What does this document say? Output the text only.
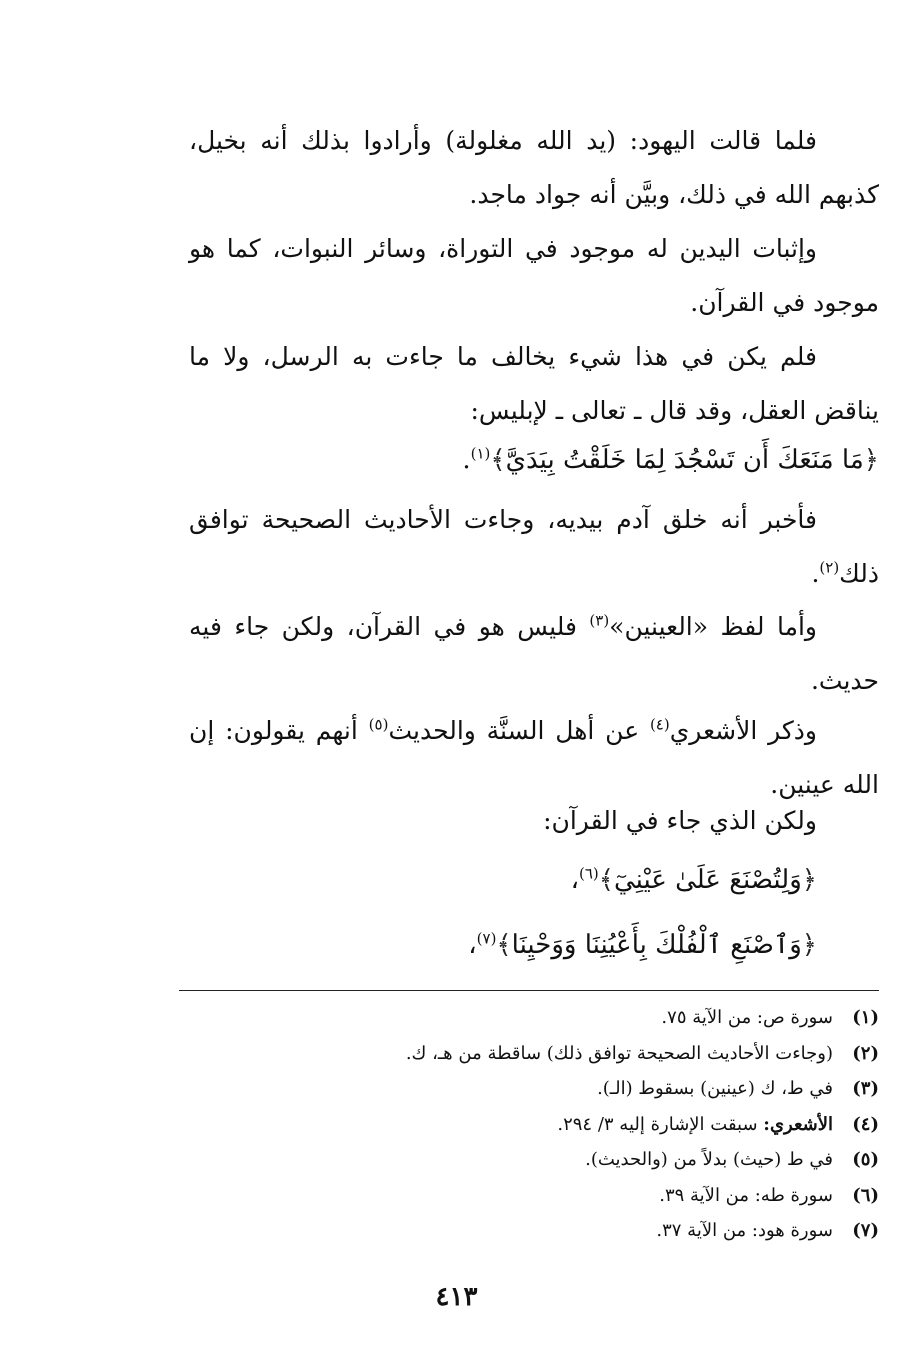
فلما قالت اليهود: (يد الله مغلولة) وأرادوا بذلك أنه بخيل، كذبهم الله في ذلك، وبيَّن أنه جواد ماجد.

وإثبات اليدين له موجود في التوراة، وسائر النبوات، كما هو موجود في القرآن.

فلم يكن في هذا شيء يخالف ما جاءت به الرسل، ولا ما يناقض العقل، وقد قال ـ تعالى ـ لإبليس:

﴿مَا مَنَعَكَ أَن تَسْجُدَ لِمَا خَلَقْتُ بِيَدَيَّ﴾$^{(١)}$.

فأخبر أنه خلق آدم بيديه، وجاءت الأحاديث الصحيحة توافق ذلك$^{(٢)}$.

وأما لفظ «العينين»$^{(٣)}$ فليس هو في القرآن، ولكن جاء فيه حديث.

وذكر الأشعري$^{(٤)}$ عن أهل السنَّة والحديث$^{(٥)}$ أنهم يقولون: إن الله عينين.

ولكن الذي جاء في القرآن:

﴿وَلِتُصْنَعَ عَلَىٰ عَيْنِيٓ﴾$^{(٦)}$،
﴿وَٱصْنَعِ ٱلْفُلْكَ بِأَعْيُنِنَا وَوَحْيِنَا﴾$^{(٧)}$،
(١)
سورة ص: من الآية ٧٥.
(٢)
(وجاءت الأحاديث الصحيحة توافق ذلك) ساقطة من هـ، ك.
(٣)
في ط، ك (عينين) بسقوط (الـ).
(٤)
الأشعري: سبقت الإشارة إليه ٣/ ٢٩٤.
(٥)
في ط (حيث) بدلاً من (والحديث).
(٦)
سورة طه: من الآية ٣٩.
(٧)
سورة هود: من الآية ٣٧.
٤١٣
